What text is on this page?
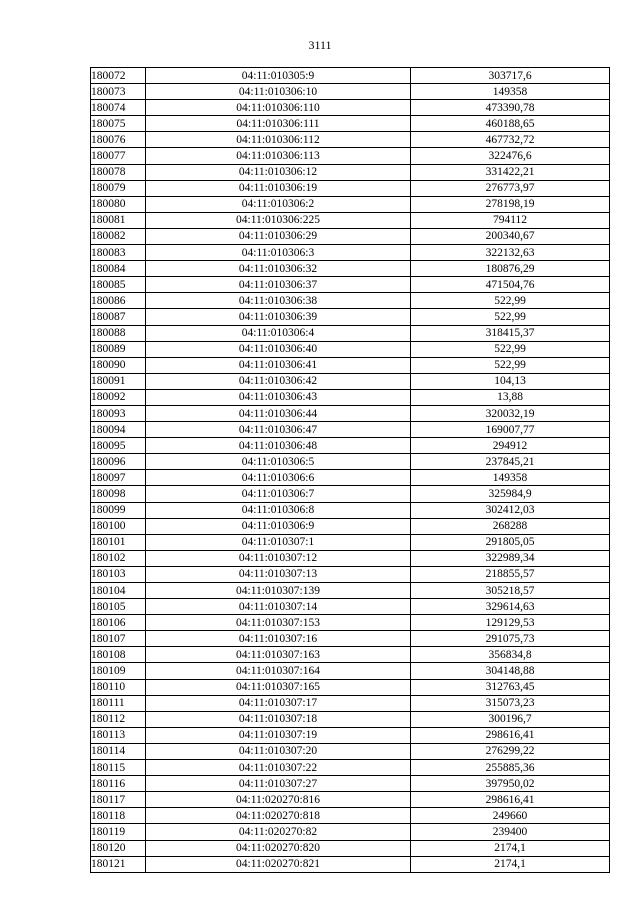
3111
180072	04:11:010305:9	303717,6
180073	04:11:010306:10	149358
180074	04:11:010306:110	473390,78
180075	04:11:010306:111	460188,65
180076	04:11:010306:112	467732,72
180077	04:11:010306:113	322476,6
180078	04:11:010306:12	331422,21
180079	04:11:010306:19	276773,97
180080	04:11:010306:2	278198,19
180081	04:11:010306:225	794112
180082	04:11:010306:29	200340,67
180083	04:11:010306:3	322132,63
180084	04:11:010306:32	180876,29
180085	04:11:010306:37	471504,76
180086	04:11:010306:38	522,99
180087	04:11:010306:39	522,99
180088	04:11:010306:4	318415,37
180089	04:11:010306:40	522,99
180090	04:11:010306:41	522,99
180091	04:11:010306:42	104,13
180092	04:11:010306:43	13,88
180093	04:11:010306:44	320032,19
180094	04:11:010306:47	169007,77
180095	04:11:010306:48	294912
180096	04:11:010306:5	237845,21
180097	04:11:010306:6	149358
180098	04:11:010306:7	325984,9
180099	04:11:010306:8	302412,03
180100	04:11:010306:9	268288
180101	04:11:010307:1	291805,05
180102	04:11:010307:12	322989,34
180103	04:11:010307:13	218855,57
180104	04:11:010307:139	305218,57
180105	04:11:010307:14	329614,63
180106	04:11:010307:153	129129,53
180107	04:11:010307:16	291075,73
180108	04:11:010307:163	356834,8
180109	04:11:010307:164	304148,88
180110	04:11:010307:165	312763,45
180111	04:11:010307:17	315073,23
180112	04:11:010307:18	300196,7
180113	04:11:010307:19	298616,41
180114	04:11:010307:20	276299,22
180115	04:11:010307:22	255885,36
180116	04:11:010307:27	397950,02
180117	04:11:020270:816	298616,41
180118	04:11:020270:818	249660
180119	04:11:020270:82	239400
180120	04:11:020270:820	2174,1
180121	04:11:020270:821	2174,1
